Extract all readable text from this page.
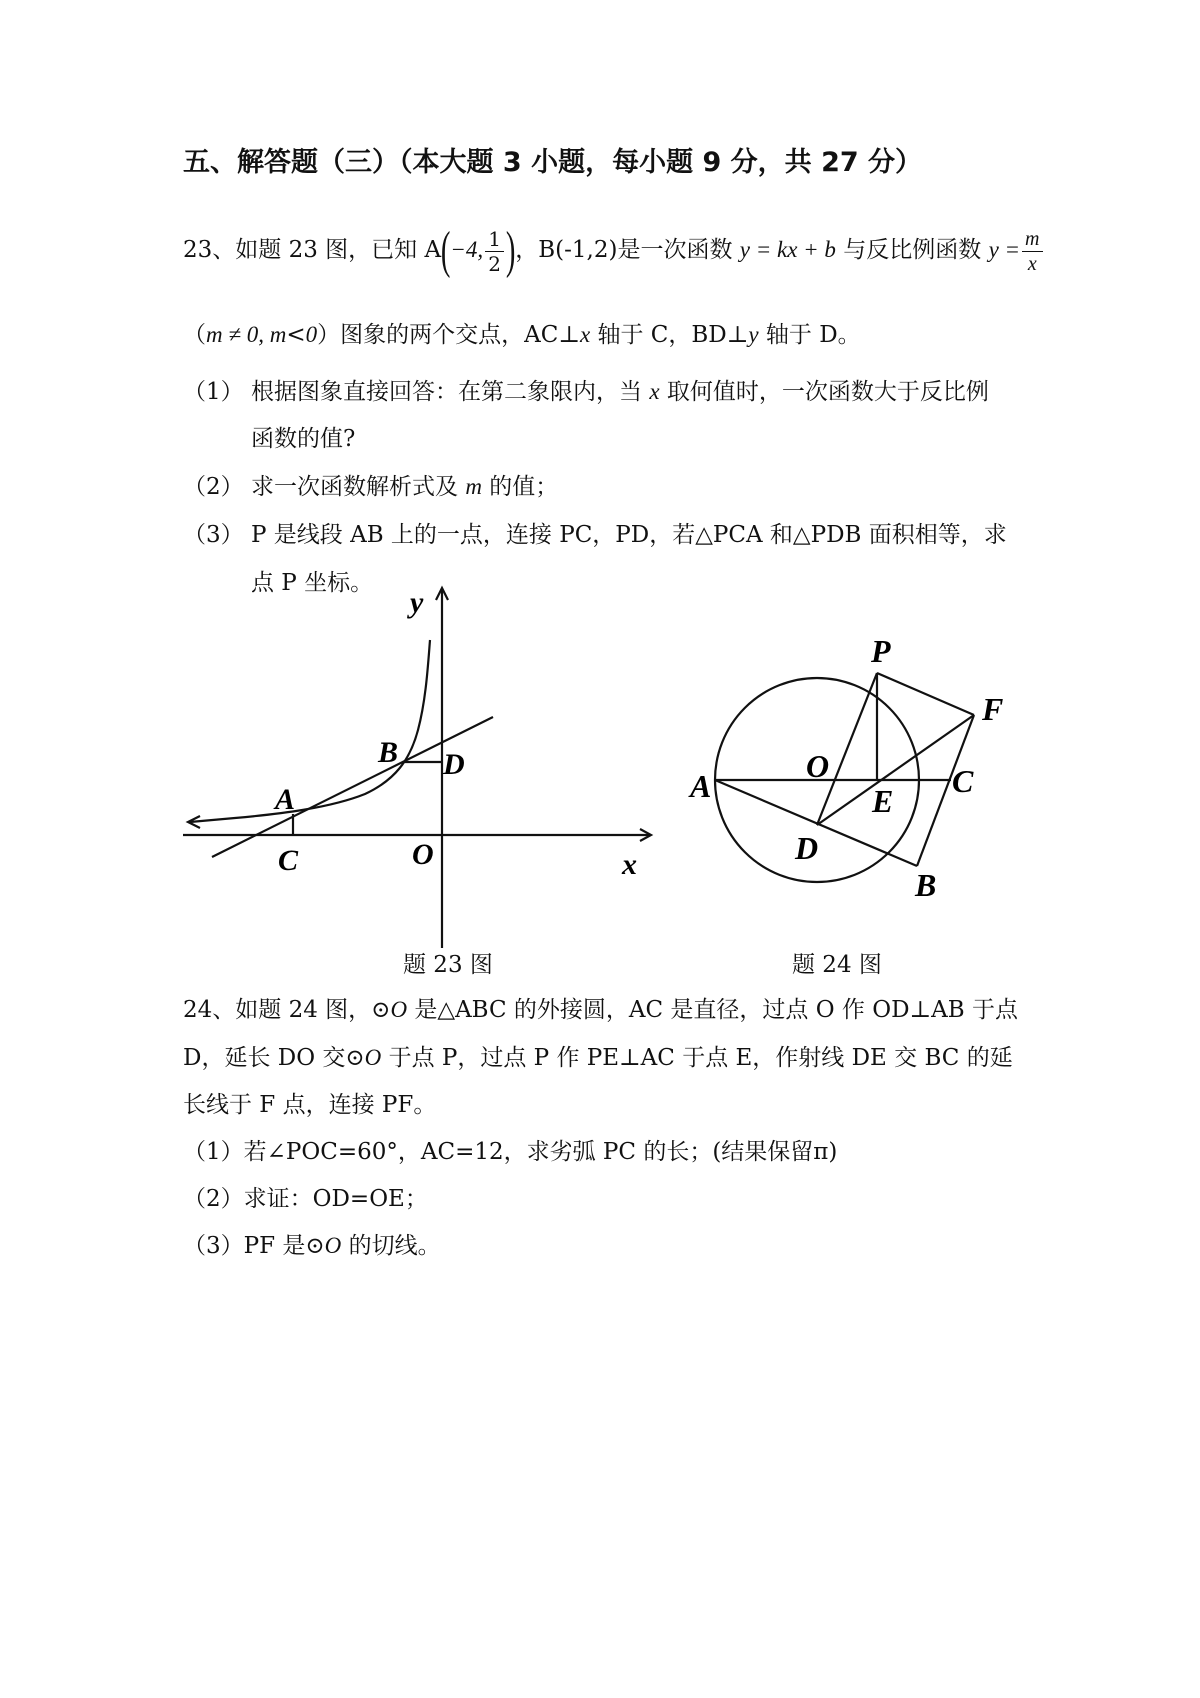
五、解答题（三）（本大题 3 小题，每小题 9 分，共 27 分）
23、如题 23 图，已知 A(−4, $\frac{1}{2}$ )，B(-1,2)是一次函数 y = kx + b 与反比例函数 $y = \frac{m}{x}$
（m ≠ 0, m<0）图象的两个交点，AC⊥x 轴于 C，BD⊥y 轴于 D。
（1） 根据图象直接回答：在第二象限内，当 x 取何值时，一次函数大于反比例
函数的值?
（2） 求一次函数解析式及 m 的值；
（3） P 是线段 AB 上的一点，连接 PC，PD，若△PCA 和△PDB 面积相等，求
点 P 坐标。
y
B D
A
C	O	x
P
F
O
A	C
E
D
B
题 23 图	题 24 图
24、如题 24 图，⊙O 是△ABC 的外接圆，AC 是直径，过点 O 作 OD⊥AB 于点
D，延长 DO 交⊙O 于点 P，过点 P 作 PE⊥AC 于点 E，作射线 DE 交 BC 的延
长线于 F 点，连接 PF。
（1）若∠POC=60°，AC=12，求劣弧 PC 的长；(结果保留π)
（2）求证：OD=OE；
（3）PF 是⊙O 的切线。
